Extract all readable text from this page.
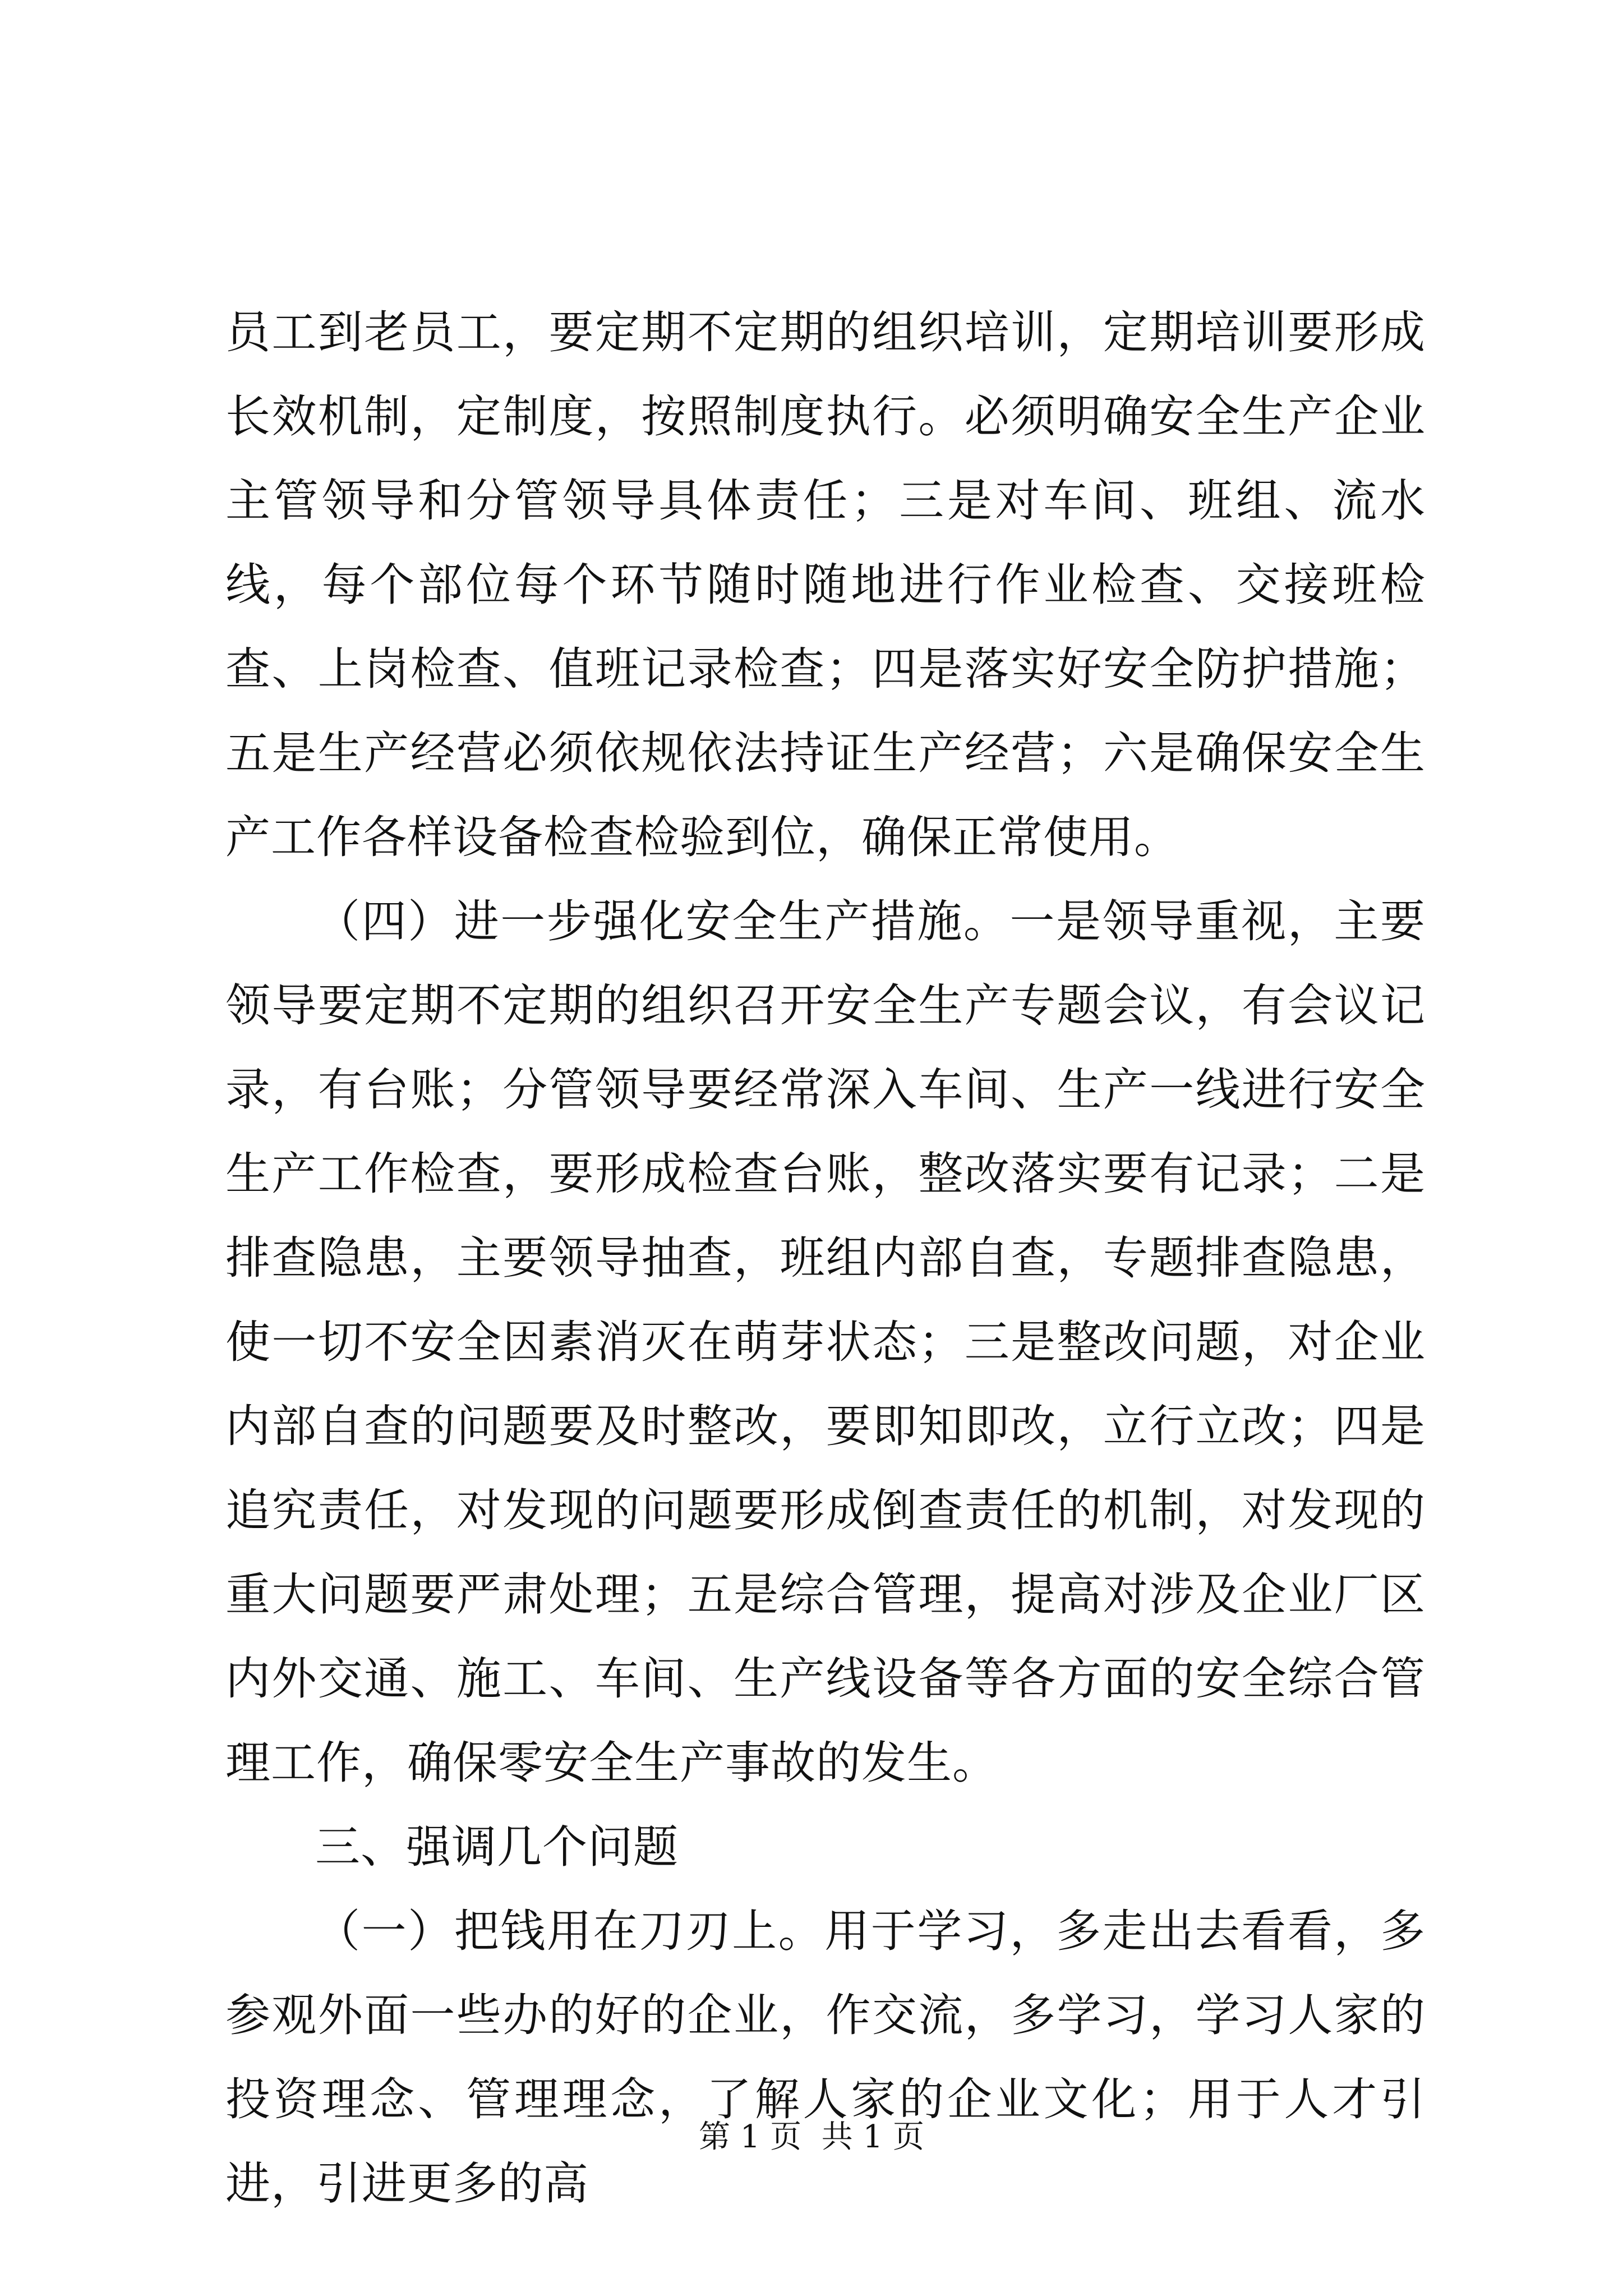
员工到老员工，要定期不定期的组织培训，定期培训要形成长效机制，定制度，按照制度执行。必须明确安全生产企业主管领导和分管领导具体责任；三是对车间、班组、流水线，每个部位每个环节随时随地进行作业检查、交接班检查、上岗检查、值班记录检查；四是落实好安全防护措施；五是生产经营必须依规依法持证生产经营；六是确保安全生产工作各样设备检查检验到位，确保正常使用。

（四）进一步强化安全生产措施。一是领导重视，主要领导要定期不定期的组织召开安全生产专题会议，有会议记录，有台账；分管领导要经常深入车间、生产一线进行安全生产工作检查，要形成检查台账，整改落实要有记录；二是排查隐患，主要领导抽查，班组内部自查，专题排查隐患，使一切不安全因素消灭在萌芽状态；三是整改问题，对企业内部自查的问题要及时整改，要即知即改，立行立改；四是追究责任，对发现的问题要形成倒查责任的机制，对发现的重大问题要严肃处理；五是综合管理，提高对涉及企业厂区内外交通、施工、车间、生产线设备等各方面的安全综合管理工作，确保零安全生产事故的发生。

三、强调几个问题

（一）把钱用在刀刃上。用于学习，多走出去看看，多参观外面一些办的好的企业，作交流，多学习，学习人家的投资理念、管理理念，了解人家的企业文化；用于人才引进，引进更多的高

第 1 页  共 1 页
